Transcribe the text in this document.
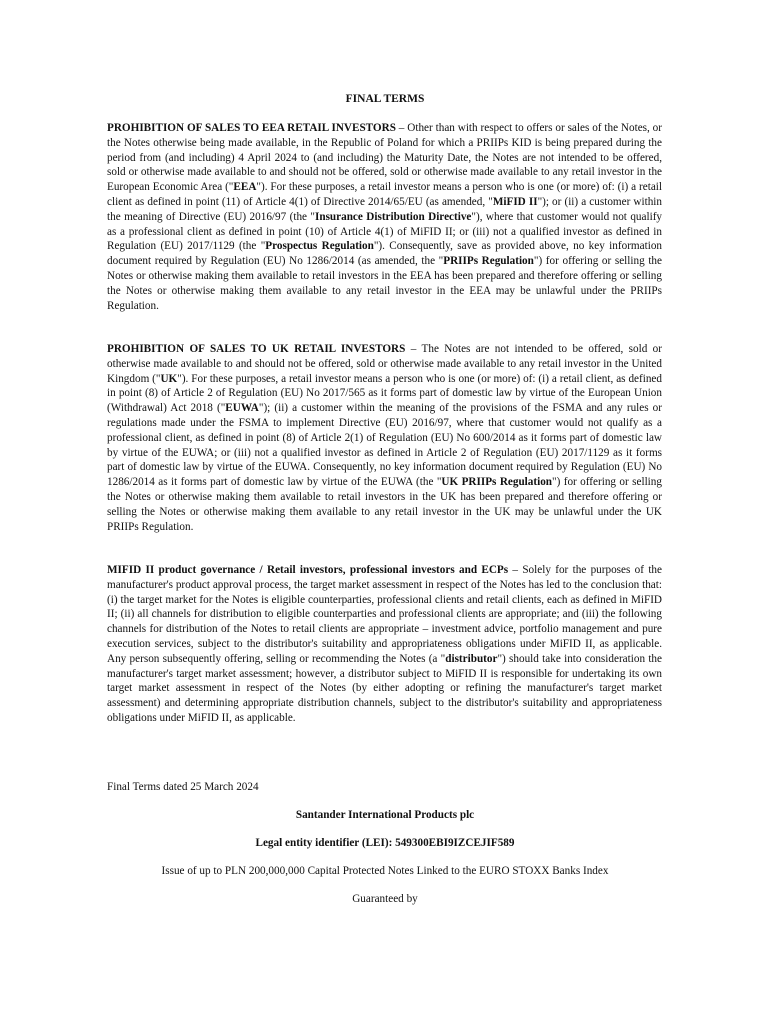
FINAL TERMS

PROHIBITION OF SALES TO EEA RETAIL INVESTORS – Other than with respect to offers or sales of the Notes, or the Notes otherwise being made available, in the Republic of Poland for which a PRIIPs KID is being prepared during the period from (and including) 4 April 2024 to (and including) the Maturity Date, the Notes are not intended to be offered, sold or otherwise made available to and should not be offered, sold or otherwise made available to any retail investor in the European Economic Area ("EEA"). For these purposes, a retail investor means a person who is one (or more) of: (i) a retail client as defined in point (11) of Article 4(1) of Directive 2014/65/EU (as amended, "MiFID II"); or (ii) a customer within the meaning of Directive (EU) 2016/97 (the "Insurance Distribution Directive"), where that customer would not qualify as a professional client as defined in point (10) of Article 4(1) of MiFID II; or (iii) not a qualified investor as defined in Regulation (EU) 2017/1129 (the "Prospectus Regulation"). Consequently, save as provided above, no key information document required by Regulation (EU) No 1286/2014 (as amended, the "PRIIPs Regulation") for offering or selling the Notes or otherwise making them available to retail investors in the EEA has been prepared and therefore offering or selling the Notes or otherwise making them available to any retail investor in the EEA may be unlawful under the PRIIPs Regulation.

PROHIBITION OF SALES TO UK RETAIL INVESTORS – The Notes are not intended to be offered, sold or otherwise made available to and should not be offered, sold or otherwise made available to any retail investor in the United Kingdom ("UK"). For these purposes, a retail investor means a person who is one (or more) of: (i) a retail client, as defined in point (8) of Article 2 of Regulation (EU) No 2017/565 as it forms part of domestic law by virtue of the European Union (Withdrawal) Act 2018 ("EUWA"); (ii) a customer within the meaning of the provisions of the FSMA and any rules or regulations made under the FSMA to implement Directive (EU) 2016/97, where that customer would not qualify as a professional client, as defined in point (8) of Article 2(1) of Regulation (EU) No 600/2014 as it forms part of domestic law by virtue of the EUWA; or (iii) not a qualified investor as defined in Article 2 of Regulation (EU) 2017/1129 as it forms part of domestic law by virtue of the EUWA. Consequently, no key information document required by Regulation (EU) No 1286/2014 as it forms part of domestic law by virtue of the EUWA (the "UK PRIIPs Regulation") for offering or selling the Notes or otherwise making them available to retail investors in the UK has been prepared and therefore offering or selling the Notes or otherwise making them available to any retail investor in the UK may be unlawful under the UK PRIIPs Regulation.

MIFID II product governance / Retail investors, professional investors and ECPs – Solely for the purposes of the manufacturer's product approval process, the target market assessment in respect of the Notes has led to the conclusion that: (i) the target market for the Notes is eligible counterparties, professional clients and retail clients, each as defined in MiFID II; (ii) all channels for distribution to eligible counterparties and professional clients are appropriate; and (iii) the following channels for distribution of the Notes to retail clients are appropriate – investment advice, portfolio management and pure execution services, subject to the distributor's suitability and appropriateness obligations under MiFID II, as applicable. Any person subsequently offering, selling or recommending the Notes (a "distributor") should take into consideration the manufacturer's target market assessment; however, a distributor subject to MiFID II is responsible for undertaking its own target market assessment in respect of the Notes (by either adopting or refining the manufacturer's target market assessment) and determining appropriate distribution channels, subject to the distributor's suitability and appropriateness obligations under MiFID II, as applicable.

Final Terms dated 25 March 2024
Santander International Products plc
Legal entity identifier (LEI): 549300EBI9IZCEJIF589
Issue of up to PLN 200,000,000 Capital Protected Notes Linked to the EURO STOXX Banks Index
Guaranteed by
